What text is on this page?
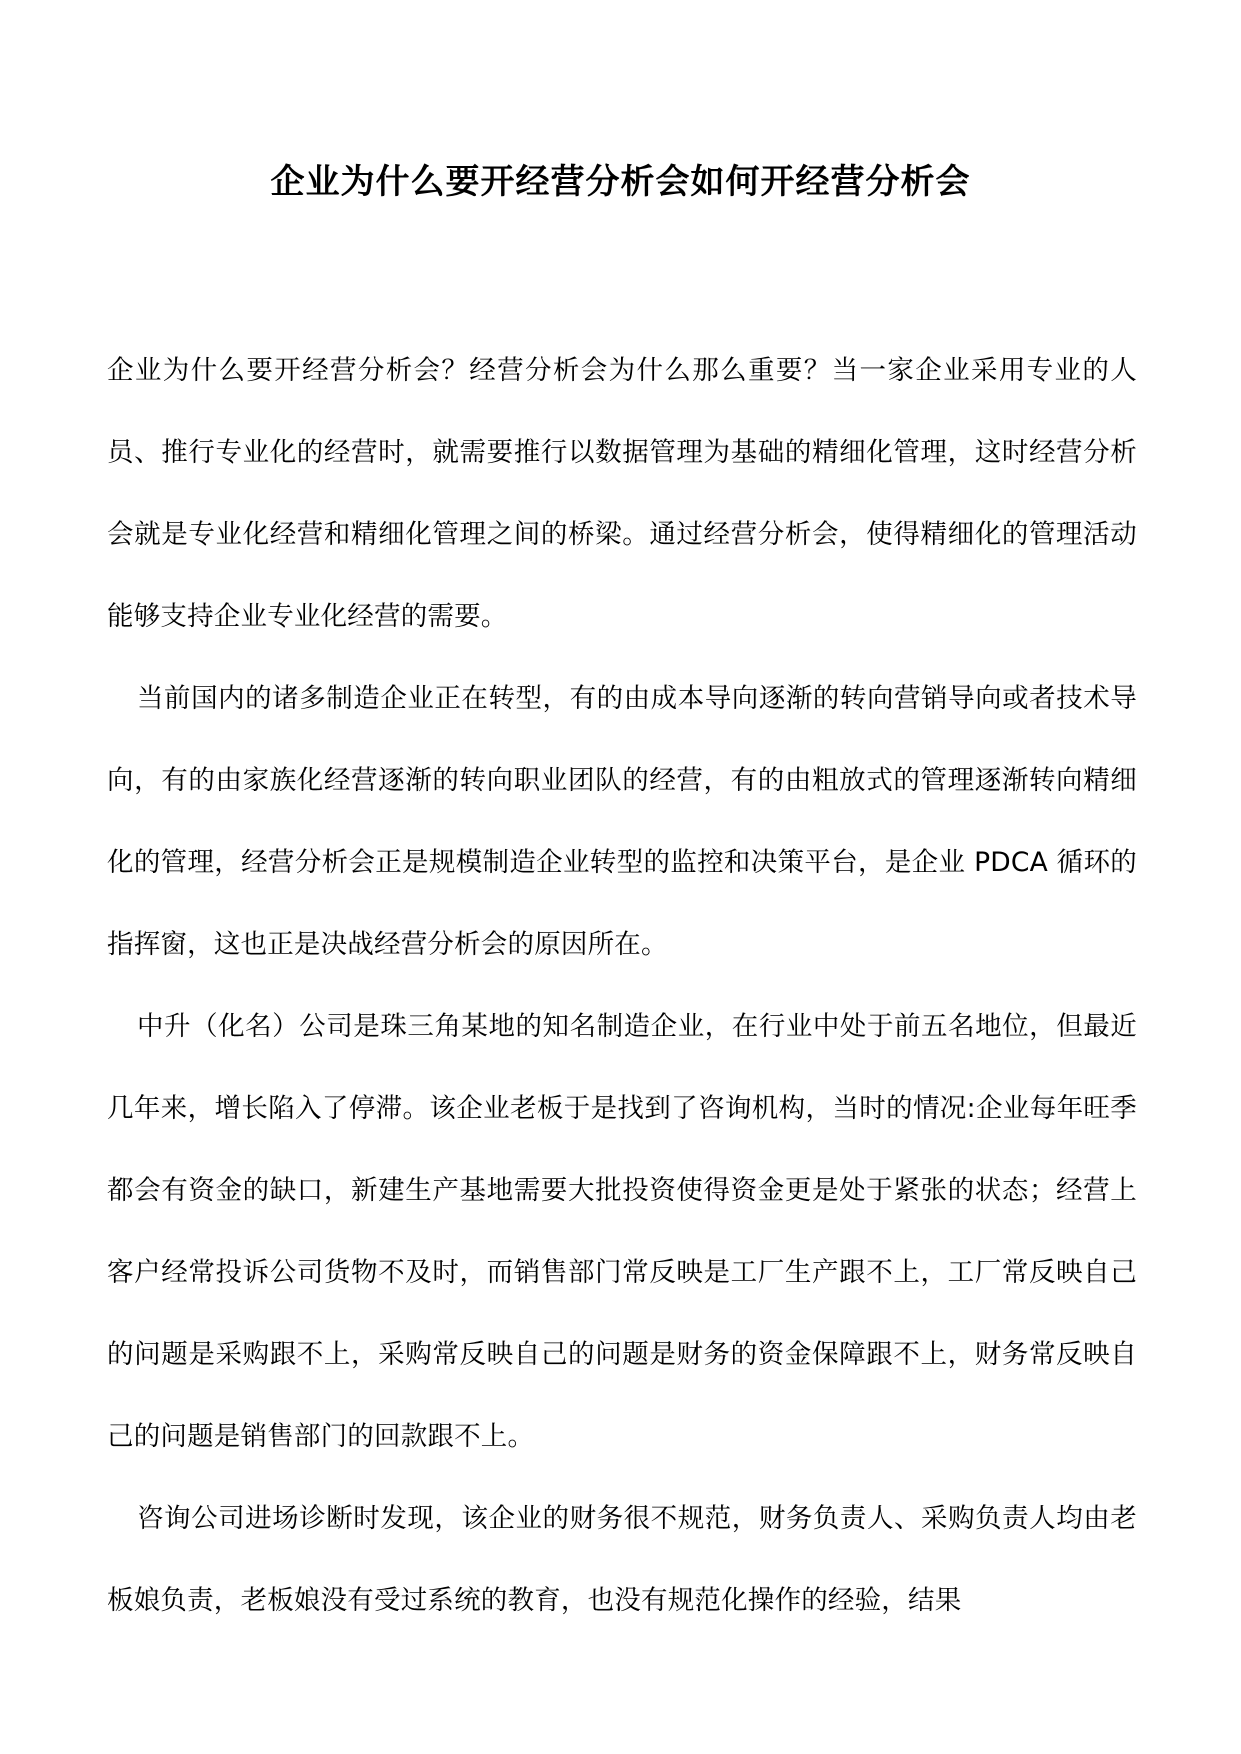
企业为什么要开经营分析会如何开经营分析会

企业为什么要开经营分析会？经营分析会为什么那么重要？当一家企业采用专业的人员、推行专业化的经营时，就需要推行以数据管理为基础的精细化管理，这时经营分析会就是专业化经营和精细化管理之间的桥梁。通过经营分析会，使得精细化的管理活动能够支持企业专业化经营的需要。

当前国内的诸多制造企业正在转型，有的由成本导向逐渐的转向营销导向或者技术导向，有的由家族化经营逐渐的转向职业团队的经营，有的由粗放式的管理逐渐转向精细化的管理，经营分析会正是规模制造企业转型的监控和决策平台，是企业 PDCA 循环的指挥窗，这也正是决战经营分析会的原因所在。

中升（化名）公司是珠三角某地的知名制造企业，在行业中处于前五名地位，但最近几年来，增长陷入了停滞。该企业老板于是找到了咨询机构，当时的情况:企业每年旺季都会有资金的缺口，新建生产基地需要大批投资使得资金更是处于紧张的状态；经营上客户经常投诉公司货物不及时，而销售部门常反映是工厂生产跟不上，工厂常反映自己的问题是采购跟不上，采购常反映自己的问题是财务的资金保障跟不上，财务常反映自己的问题是销售部门的回款跟不上。

咨询公司进场诊断时发现，该企业的财务很不规范，财务负责人、采购负责人均由老板娘负责，老板娘没有受过系统的教育，也没有规范化操作的经验，结果
